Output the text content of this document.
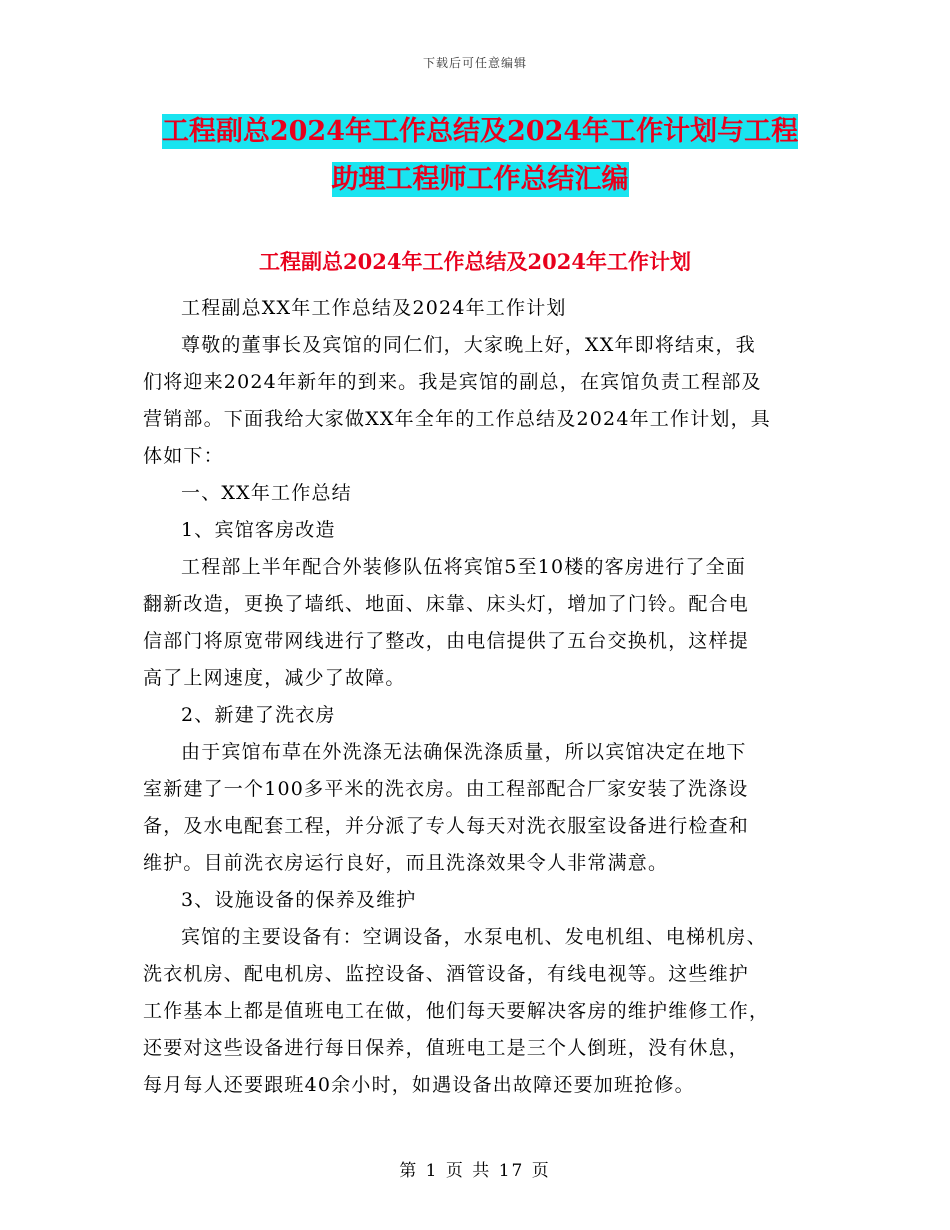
下载后可任意编辑
工程副总2024年工作总结及2024年工作计划与工程
助理工程师工作总结汇编
工程副总2024年工作总结及2024年工作计划

工程副总XX年工作总结及2024年工作计划

尊敬的董事长及宾馆的同仁们，大家晚上好，XX年即将结束，我

们将迎来2024年新年的到来。我是宾馆的副总，在宾馆负责工程部及

营销部。下面我给大家做XX年全年的工作总结及2024年工作计划，具

体如下：

一、XX年工作总结

1、宾馆客房改造

工程部上半年配合外装修队伍将宾馆5至10楼的客房进行了全面

翻新改造，更换了墙纸、地面、床靠、床头灯，增加了门铃。配合电

信部门将原宽带网线进行了整改，由电信提供了五台交换机，这样提

高了上网速度，减少了故障。

2、新建了洗衣房

由于宾馆布草在外洗涤无法确保洗涤质量，所以宾馆决定在地下

室新建了一个100多平米的洗衣房。由工程部配合厂家安装了洗涤设

备，及水电配套工程，并分派了专人每天对洗衣服室设备进行检查和

维护。目前洗衣房运行良好，而且洗涤效果令人非常满意。

3、设施设备的保养及维护

宾馆的主要设备有：空调设备，水泵电机、发电机组、电梯机房、

洗衣机房、配电机房、监控设备、酒管设备，有线电视等。这些维护

工作基本上都是值班电工在做，他们每天要解决客房的维护维修工作，

还要对这些设备进行每日保养，值班电工是三个人倒班，没有休息，

每月每人还要跟班40余小时，如遇设备出故障还要加班抢修。

第 1 页 共 17 页
